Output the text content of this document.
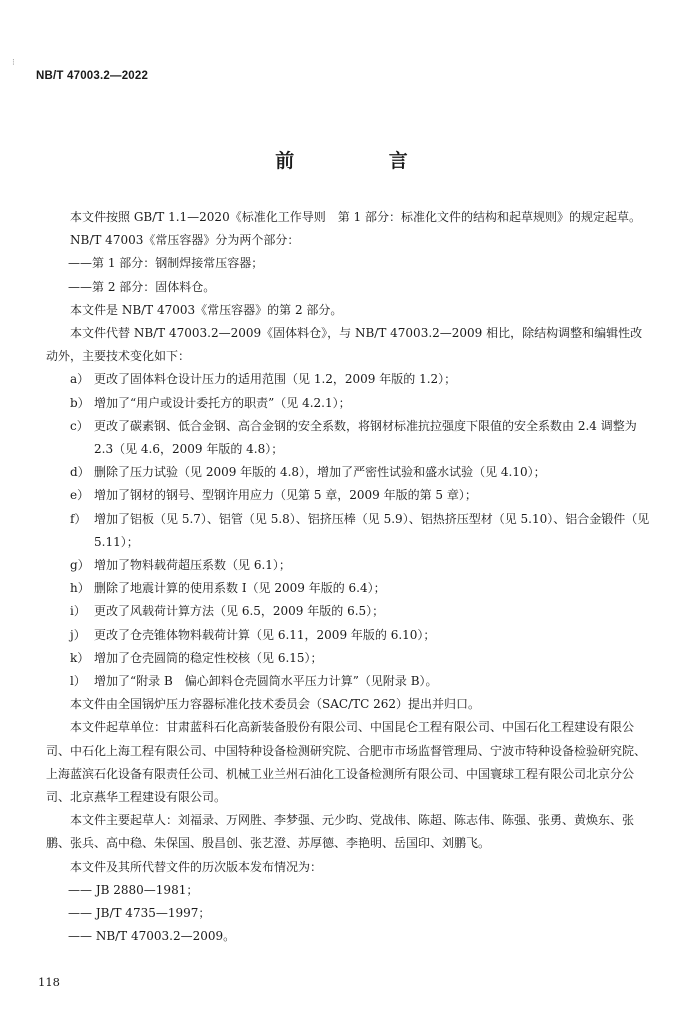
⁝
NB/T 47003.2—2022
前 言

本文件按照 GB/T 1.1—2020《标准化工作导则　第 1 部分：标准化文件的结构和起草规则》的规定起草。

NB/T 47003《常压容器》分为两个部分：

——第 1 部分：钢制焊接常压容器；

——第 2 部分：固体料仓。

本文件是 NB/T 47003《常压容器》的第 2 部分。

本文件代替 NB/T 47003.2—2009《固体料仓》，与 NB/T 47003.2—2009 相比，除结构调整和编辑性改动外，主要技术变化如下：

a） 更改了固体料仓设计压力的适用范围（见 1.2，2009 年版的 1.2）；
b） 增加了“用户或设计委托方的职责”（见 4.2.1）；
c） 更改了碳素钢、低合金钢、高合金钢的安全系数，将钢材标准抗拉强度下限值的安全系数由 2.4 调整为 2.3（见 4.6，2009 年版的 4.8）；
d） 删除了压力试验（见 2009 年版的 4.8），增加了严密性试验和盛水试验（见 4.10）；
e） 增加了钢材的钢号、型钢许用应力（见第 5 章，2009 年版的第 5 章）；
f） 增加了铝板（见 5.7）、铝管（见 5.8）、铝挤压棒（见 5.9）、铝热挤压型材（见 5.10）、铝合金锻件（见 5.11）；
g） 增加了物料载荷超压系数（见 6.1）；
h） 删除了地震计算的使用系数 I（见 2009 年版的 6.4）；
i） 更改了风载荷计算方法（见 6.5，2009 年版的 6.5）；
j） 更改了仓壳锥体物料载荷计算（见 6.11，2009 年版的 6.10）；
k） 增加了仓壳圆筒的稳定性校核（见 6.15）；
l） 增加了“附录 B　偏心卸料仓壳圆筒水平压力计算”（见附录 B）。

本文件由全国锅炉压力容器标准化技术委员会（SAC/TC 262）提出并归口。

本文件起草单位：甘肃蓝科石化高新装备股份有限公司、中国昆仑工程有限公司、中国石化工程建设有限公司、中石化上海工程有限公司、中国特种设备检测研究院、合肥市市场监督管理局、宁波市特种设备检验研究院、上海蓝滨石化设备有限责任公司、机械工业兰州石油化工设备检测所有限公司、中国寰球工程有限公司北京分公司、北京燕华工程建设有限公司。

本文件主要起草人：刘福录、万网胜、李梦强、元少昀、党战伟、陈超、陈志伟、陈强、张勇、黄焕东、张鹏、张兵、高中稳、朱保国、殷昌创、张艺澄、苏厚德、李艳明、岳国印、刘鹏飞。

本文件及其所代替文件的历次版本发布情况为：

—— JB 2880—1981；

—— JB/T 4735—1997；

—— NB/T 47003.2—2009。

118
